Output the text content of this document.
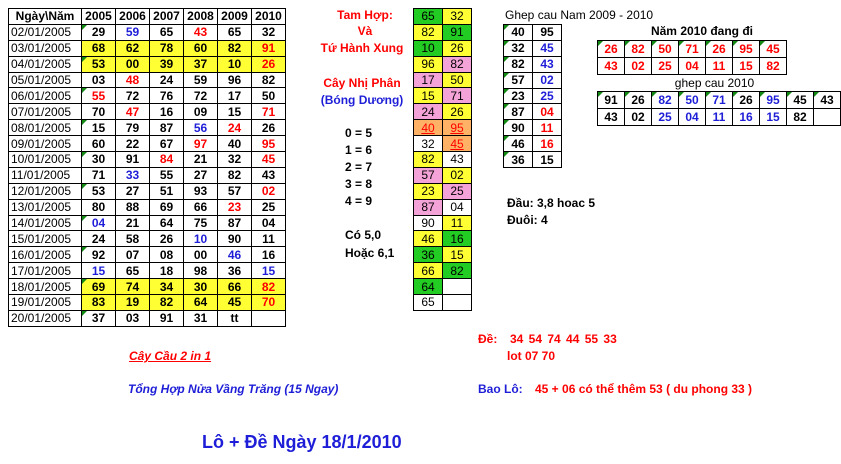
Ngày\Năm	2005	2006	2007	2008	2009	2010
02/01/2005	29	59	65	43	65	32
03/01/2005	68	62	78	60	82	91
04/01/2005	53	00	39	37	10	26
05/01/2005	03	48	24	59	96	82
06/01/2005	55	72	76	72	17	50
07/01/2005	70	47	16	09	15	71
08/01/2005	15	79	87	56	24	26
09/01/2005	60	22	67	97	40	95
10/01/2005	30	91	84	21	32	45
11/01/2005	71	33	55	27	82	43
12/01/2005	53	27	51	93	57	02
13/01/2005	80	88	69	66	23	25
14/01/2005	04	21	64	75	87	04
15/01/2005	24	58	26	10	90	11
16/01/2005	92	07	08	00	46	16
17/01/2005	15	65	18	98	36	15
18/01/2005	69	74	34	30	66	82
19/01/2005	83	19	82	64	45	70
20/01/2005	37	03	91	31	tt	
Tam Hợp:
Và
Tứ Hành Xung
Cây Nhị Phân
(Bóng Dương)
0 = 5
1 = 6
2 = 7
3 = 8
4 = 9
Có 5,0
Hoặc 6,1
65	32
82	91
10	26
96	82
17	50
15	71
24	26
40	95
32	45
82	43
57	02
23	25
87	04
90	11
46	16
36	15
66	82
64	
65	
Ghep cau Nam 2009 - 2010
40	95
32	45
82	43
57	02
23	25
87	04
90	11
46	16
36	15
Năm 2010 đang đi
26	82	50	71	26	95	45
43	02	25	04	11	15	82
ghep cau 2010
91	26	82	50	71	26	95	45	43
43	02	25	04	11	16	15	82	
Đầu: 3,8 hoac 5
Đuôi: 4
Đề: 34 54 74 44 55 33
lot 07 70
Bao Lô: 45 + 06 có thể thêm 53 ( du phong 33 )
Cây Cầu 2 in 1
Tổng Hợp Nửa Vầng Trăng (15 Ngay)
Lô + Đề Ngày 18/1/2010
